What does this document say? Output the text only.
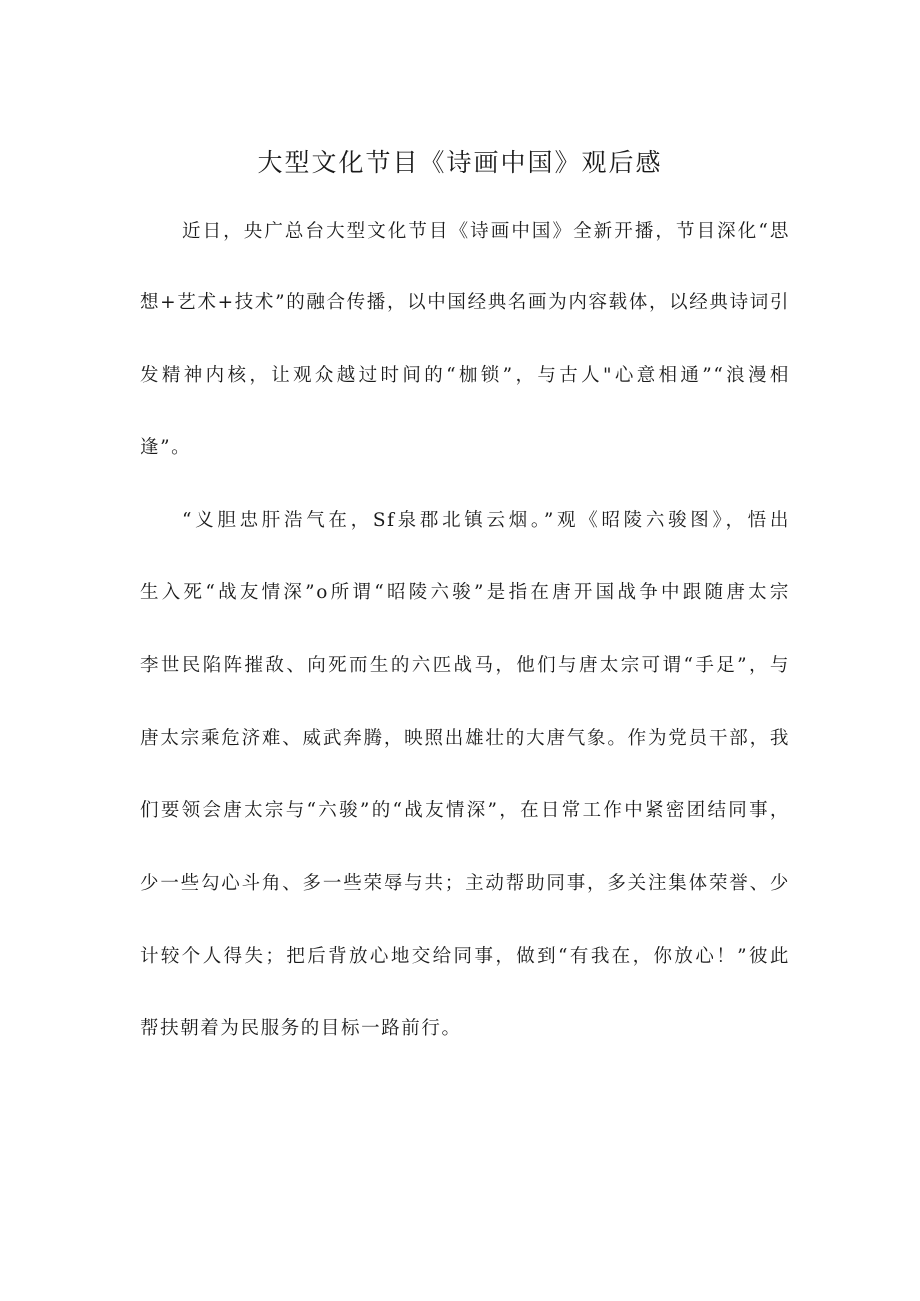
大型文化节目《诗画中国》观后感

近日，央广总台大型文化节目《诗画中国》全新开播，节目深化“思

想+艺术+技术”的融合传播，以中国经典名画为内容载体，以经典诗词引

发精神内核，让观众越过时间的“枷锁”，与古人"心意相通”“浪漫相

逢”。

“义胆忠肝浩气在，Sf泉郡北镇云烟。”观《昭陵六骏图》，悟出

生入死“战友情深”o所谓“昭陵六骏”是指在唐开国战争中跟随唐太宗

李世民陷阵摧敌、向死而生的六匹战马，他们与唐太宗可谓“手足”，与

唐太宗乘危济难、威武奔腾，映照出雄壮的大唐气象。作为党员干部，我

们要领会唐太宗与“六骏”的“战友情深”，在日常工作中紧密团结同事，

少一些勾心斗角、多一些荣辱与共；主动帮助同事，多关注集体荣誉、少

计较个人得失；把后背放心地交给同事，做到“有我在，你放心！”彼此

帮扶朝着为民服务的目标一路前行。
